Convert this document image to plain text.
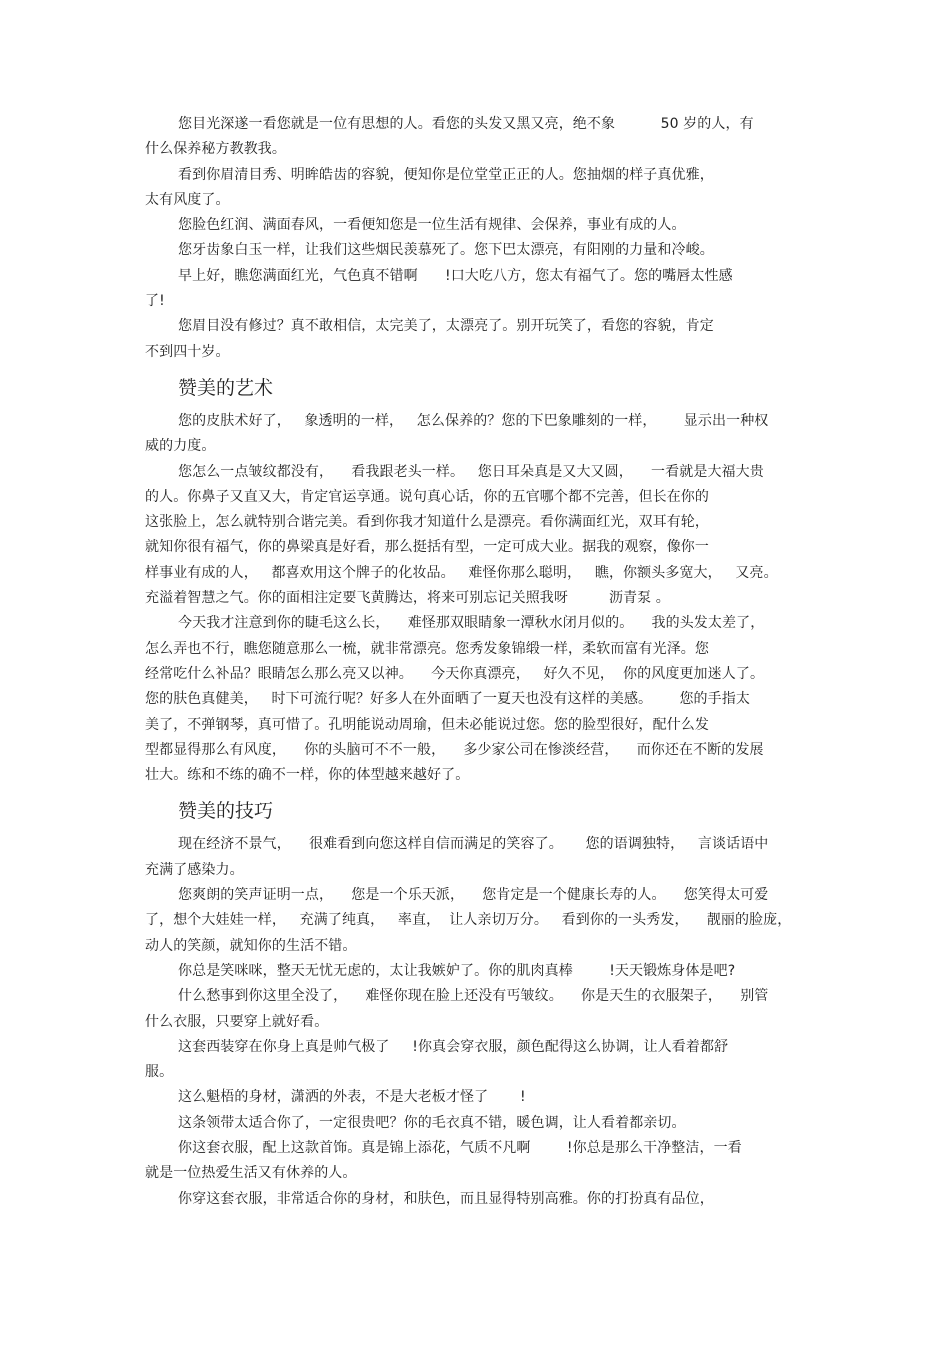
您目光深遂一看您就是一位有思想的人。看您的头发又黑又亮，绝不象          50 岁的人，有
什么保养秘方教教我。
看到你眉清目秀、明眸皓齿的容貌，便知你是位堂堂正正的人。您抽烟的样子真优雅，
太有风度了。
您脸色红润、满面春风，一看便知您是一位生活有规律、会保养，事业有成的人。
您牙齿象白玉一样，让我们这些烟民羡慕死了。您下巴太漂亮，有阳刚的力量和冷峻。
早上好，瞧您满面红光，气色真不错啊      !口大吃八方，您太有福气了。您的嘴唇太性感
了!
您眉目没有修过？真不敢相信，太完美了，太漂亮了。别开玩笑了，看您的容貌，肯定
不到四十岁。
赞美的艺术
您的皮肤术好了，   象透明的一样，   怎么保养的？您的下巴象雕刻的一样，      显示出一种权
威的力度。
您怎么一点皱纹都没有，    看我跟老头一样。   您日耳朵真是又大又圆，    一看就是大福大贵
的人。你鼻子又直又大，肯定官运享通。说句真心话，你的五官哪个都不完善，但长在你的
这张脸上，怎么就特别合谐完美。看到你我才知道什么是漂亮。看你满面红光，双耳有轮，
就知你很有福气，你的鼻梁真是好看，那么挺括有型，一定可成大业。据我的观察，像你一
样事业有成的人，   都喜欢用这个牌子的化妆品。   难怪你那么聪明，   瞧，你额头多宽大，   又亮。
充溢着智慧之气。你的面相注定要飞黄腾达，将来可别忘记关照我呀         沥青泵 。
今天我才注意到你的睫毛这么长，    难怪那双眼睛象一潭秋水闭月似的。    我的头发太差了，
怎么弄也不行，瞧您随意那么一梳，就非常漂亮。您秀发象锦缎一样，柔软而富有光泽。您
经常吃什么补品？眼睛怎么那么亮又以神。    今天你真漂亮，   好久不见，  你的风度更加迷人了。
您的肤色真健美，   时下可流行呢？好多人在外面晒了一夏天也没有这样的美感。      您的手指太
美了，不弹钢琴，真可惜了。孔明能说动周瑜，但未必能说过您。您的脸型很好，配什么发
型都显得那么有风度，    你的头脑可不不一般，    多少家公司在惨淡经营，    而你还在不断的发展
壮大。练和不练的确不一样，你的体型越来越好了。
赞美的技巧
现在经济不景气，    很难看到向您这样自信而满足的笑容了。     您的语调独特，   言谈话语中
充满了感染力。
您爽朗的笑声证明一点，    您是一个乐天派，    您肯定是一个健康长寿的人。    您笑得太可爱
了，想个大娃娃一样，   充满了纯真，   率直，  让人亲切万分。   看到你的一头秀发，    靓丽的脸庞，
动人的笑颜，就知你的生活不错。
你总是笑咪咪，整天无忧无虑的，太让我嫉妒了。你的肌肉真棒        !天天锻炼身体是吧?
什么愁事到你这里全没了，    难怪你现在脸上还没有丐皱纹。    你是天生的衣服架子，    别管
什么衣服，只要穿上就好看。
这套西装穿在你身上真是帅气极了     !你真会穿衣服，颜色配得这么协调，让人看着都舒
服。
这么魁梧的身材，潇洒的外表，不是大老板才怪了       !
这条领带太适合你了，一定很贵吧？你的毛衣真不错，暖色调，让人看着都亲切。
你这套衣服，配上这款首饰。真是锦上添花，气质不凡啊        !你总是那么干净整洁，一看
就是一位热爱生活又有休养的人。
你穿这套衣服，非常适合你的身材，和肤色，而且显得特别高雅。你的打扮真有品位，
